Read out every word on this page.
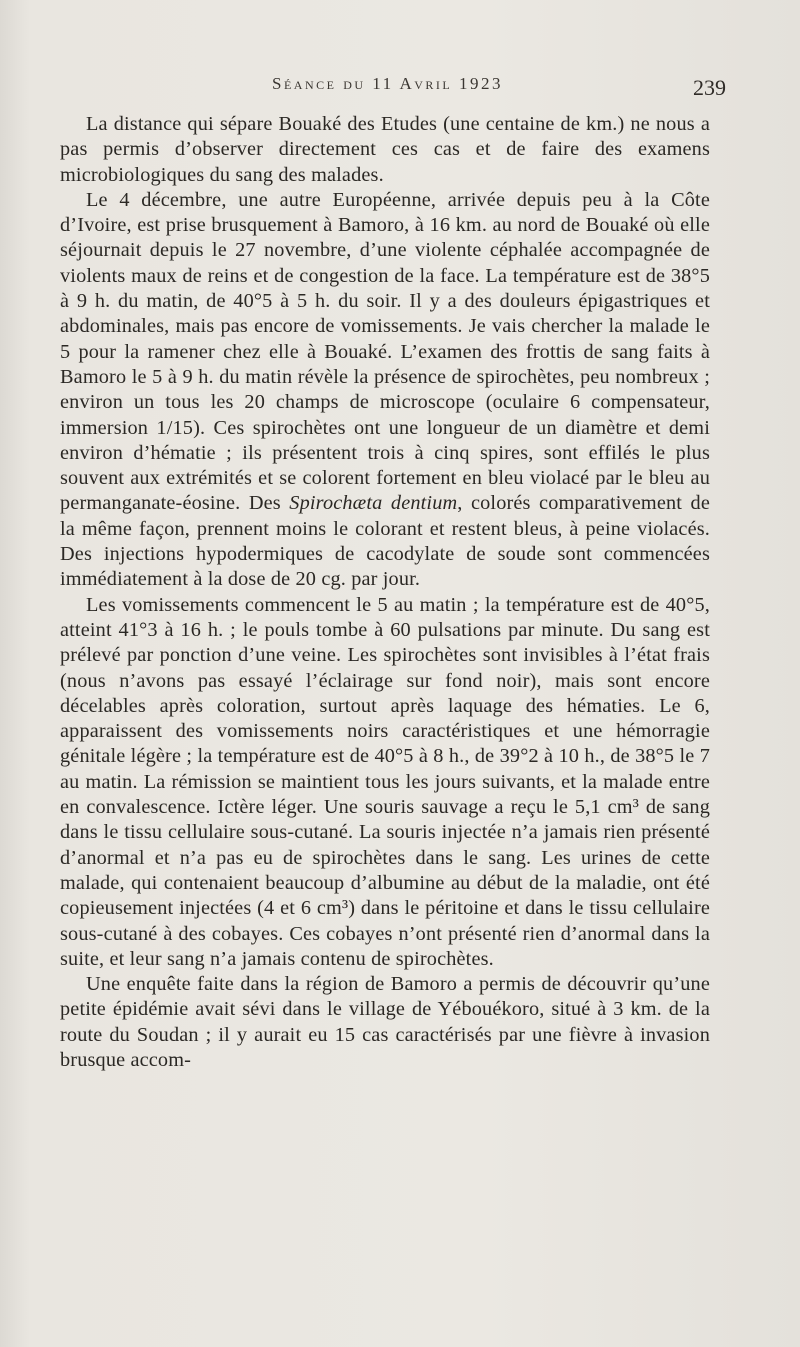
Séance du 11 Avril 1923	239

La distance qui sépare Bouaké des Etudes (une centaine de km.) ne nous a pas permis d’observer directement ces cas et de faire des examens microbiologiques du sang des malades.

Le 4 décembre, une autre Européenne, arrivée depuis peu à la Côte d’Ivoire, est prise brusquement à Bamoro, à 16 km. au nord de Bouaké où elle séjournait depuis le 27 novembre, d’une violente céphalée accompagnée de violents maux de reins et de congestion de la face. La température est de 38°5 à 9 h. du matin, de 40°5 à 5 h. du soir. Il y a des douleurs épigastriques et abdominales, mais pas encore de vomissements. Je vais chercher la malade le 5 pour la ramener chez elle à Bouaké. L’examen des frottis de sang faits à Bamoro le 5 à 9 h. du matin révèle la présence de spirochètes, peu nombreux ; environ un tous les 20 champs de microscope (oculaire 6 compensateur, immersion 1/15). Ces spirochètes ont une longueur de un diamètre et demi environ d’hématie ; ils présentent trois à cinq spires, sont effilés le plus souvent aux extrémités et se colorent fortement en bleu violacé par le bleu au permanganate-éosine. Des Spirochæta dentium, colorés comparativement de la même façon, prennent moins le colorant et restent bleus, à peine violacés. Des injections hypodermiques de cacodylate de soude sont commencées immédiatement à la dose de 20 cg. par jour.

Les vomissements commencent le 5 au matin ; la température est de 40°5, atteint 41°3 à 16 h. ; le pouls tombe à 60 pulsations par minute. Du sang est prélevé par ponction d’une veine. Les spirochètes sont invisibles à l’état frais (nous n’avons pas essayé l’éclairage sur fond noir), mais sont encore décelables après coloration, surtout après laquage des hématies. Le 6, apparaissent des vomissements noirs caractéristiques et une hémorragie génitale légère ; la température est de 40°5 à 8 h., de 39°2 à 10 h., de 38°5 le 7 au matin. La rémission se maintient tous les jours suivants, et la malade entre en convalescence. Ictère léger. Une souris sauvage a reçu le 5,1 cm³ de sang dans le tissu cellulaire sous-cutané. La souris injectée n’a jamais rien présenté d’anormal et n’a pas eu de spirochètes dans le sang. Les urines de cette malade, qui contenaient beaucoup d’albumine au début de la maladie, ont été copieusement injectées (4 et 6 cm³) dans le péritoine et dans le tissu cellulaire sous-cutané à des cobayes. Ces cobayes n’ont présenté rien d’anormal dans la suite, et leur sang n’a jamais contenu de spirochètes.

Une enquête faite dans la région de Bamoro a permis de découvrir qu’une petite épidémie avait sévi dans le village de Yébouékoro, situé à 3 km. de la route du Soudan ; il y aurait eu 15 cas caractérisés par une fièvre à invasion brusque accom-
